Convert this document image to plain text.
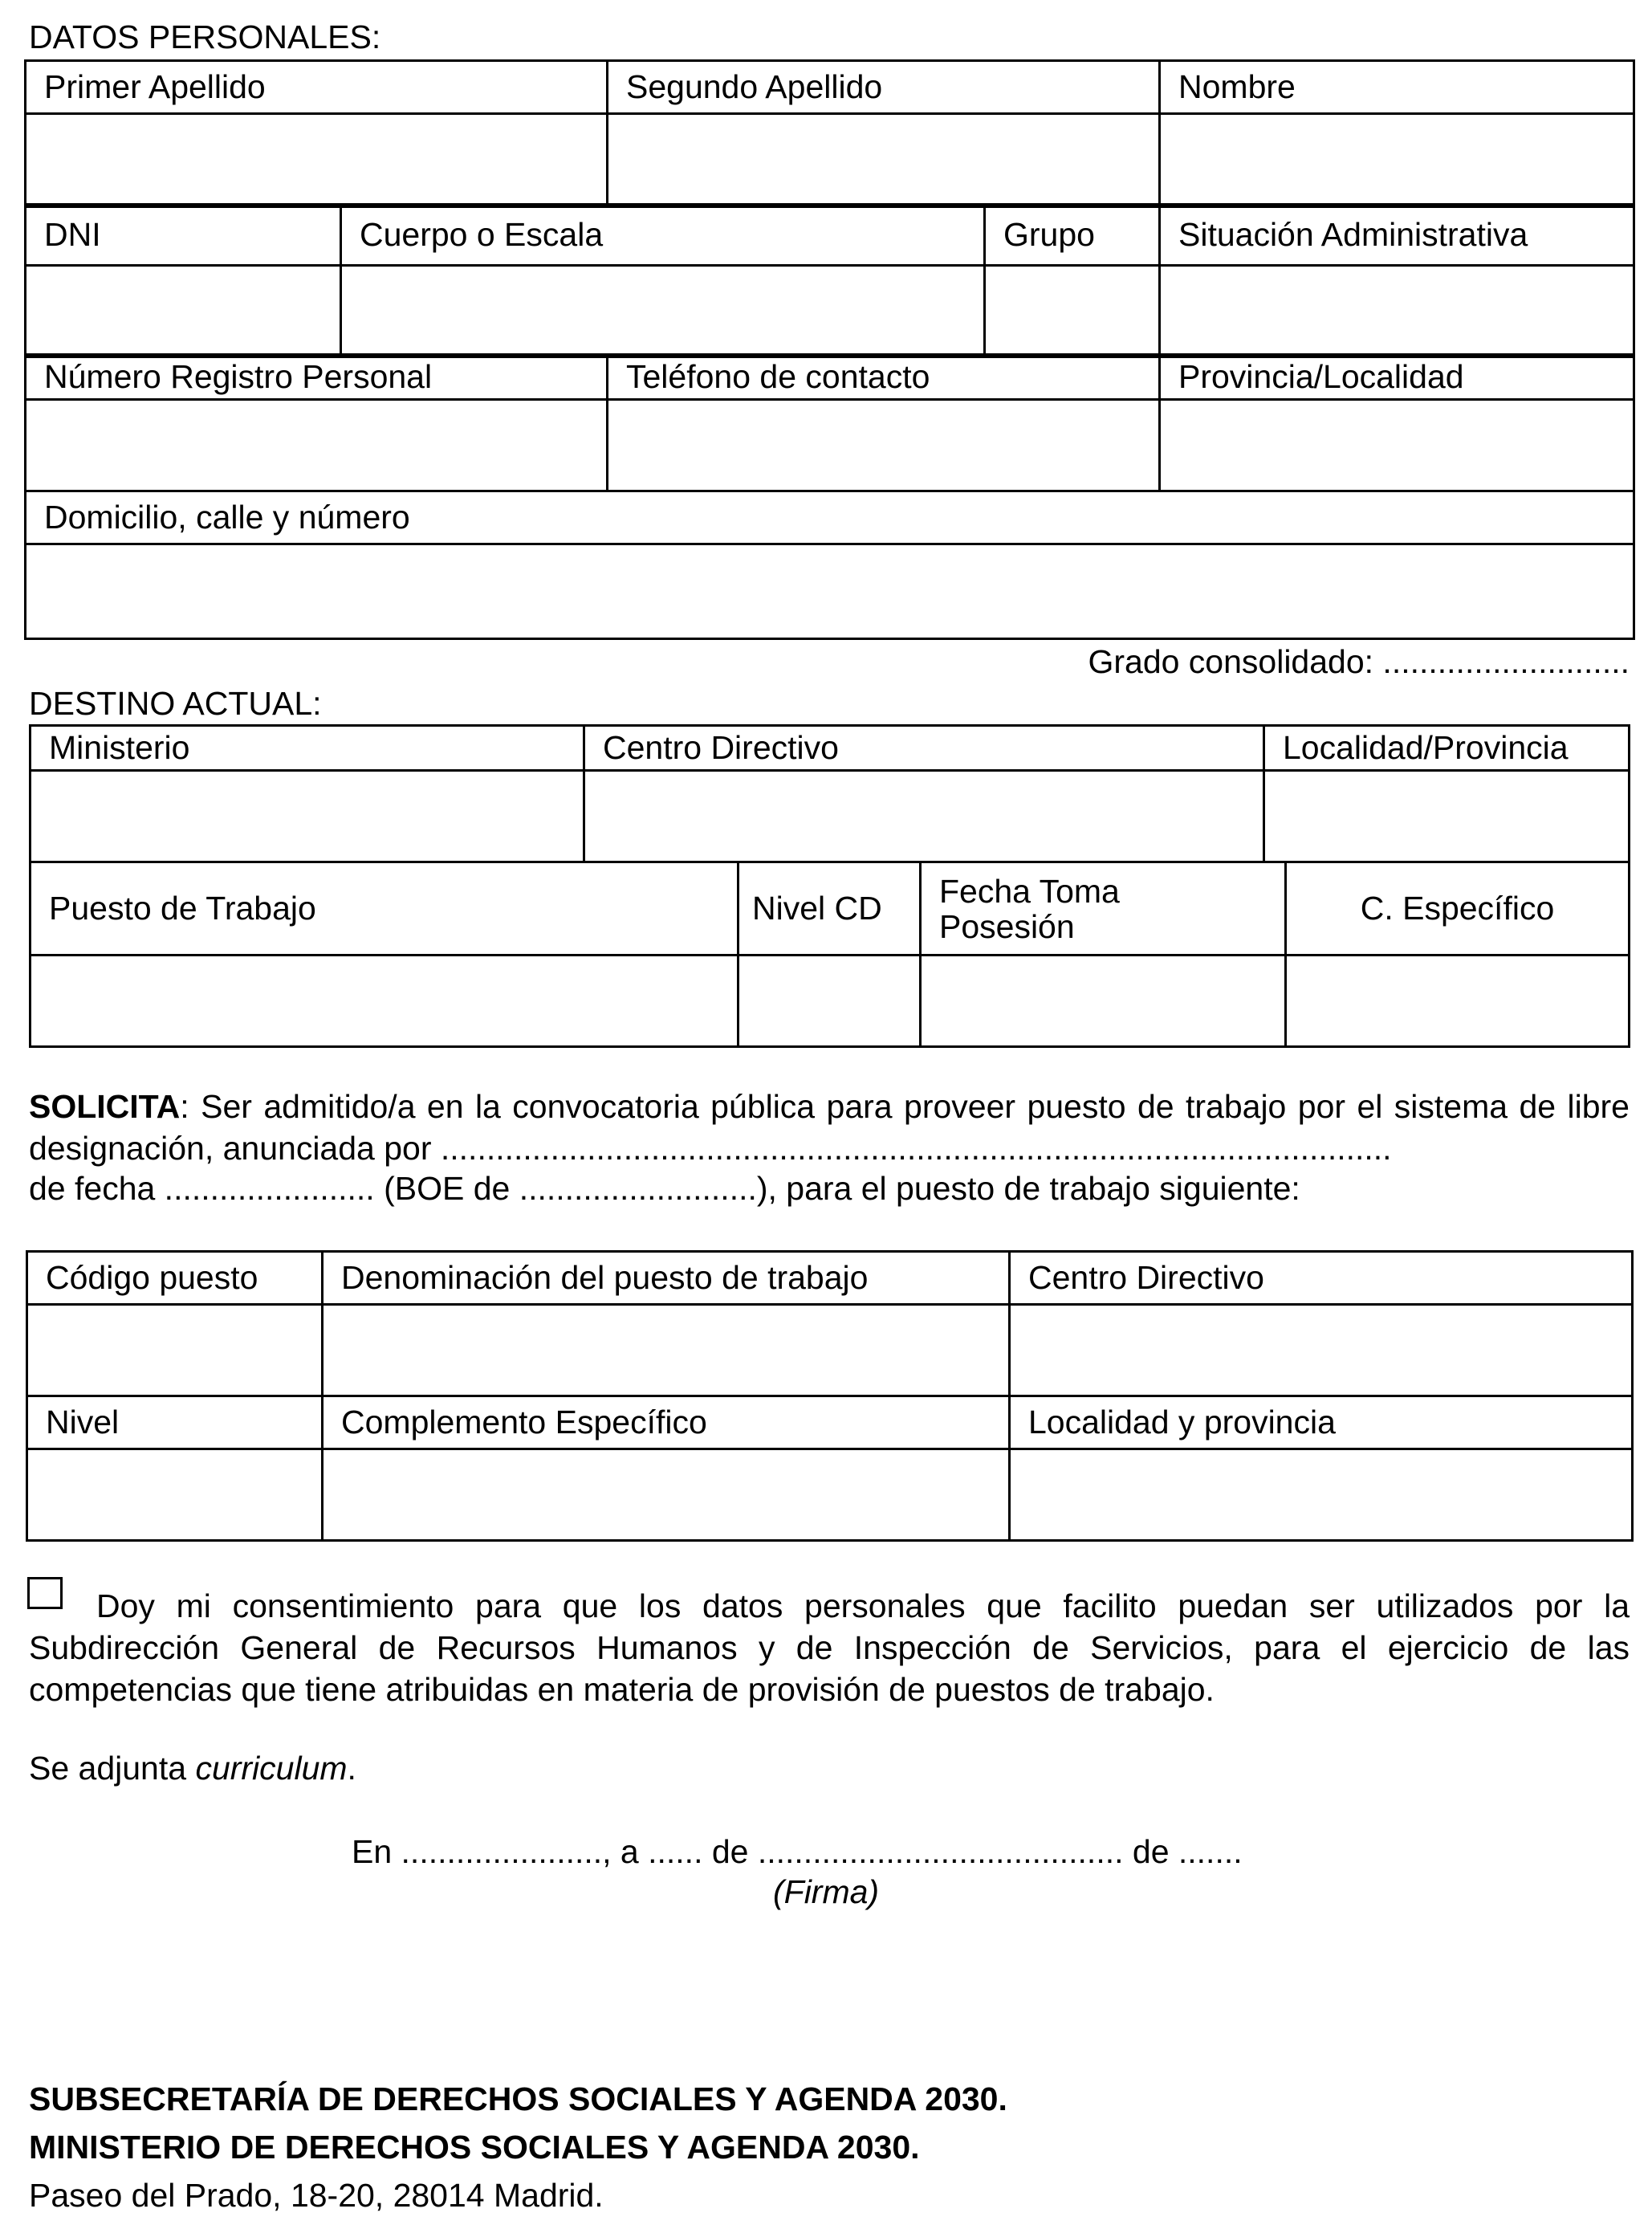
DATOS PERSONALES:
Primer Apellido	Segundo Apellido	Nombre

DNI	Cuerpo o Escala	Grupo	Situación Administrativa

Número Registro Personal	Teléfono de contacto	Provincia/Localidad

Domicilio, calle y número

Grado consolidado: ...........................
DESTINO ACTUAL:
Ministerio	Centro Directivo	Localidad/Provincia

Puesto de Trabajo	Nivel CD	Fecha Toma Posesión	C. Específico

SOLICITA: Ser admitido/a en la convocatoria pública para proveer puesto de trabajo por el sistema de libre designación, anunciada por ........................................................................................................
de fecha ....................... (BOE de ..........................), para el puesto de trabajo siguiente:
Código puesto	Denominación del puesto de trabajo	Centro Directivo

Nivel	Complemento Específico	Localidad y provincia

Doy mi consentimiento para que los datos personales que facilito puedan ser utilizados por la Subdirección General de Recursos Humanos y de Inspección de Servicios, para el ejercicio de las competencias que tiene atribuidas en materia de provisión de puestos de trabajo.
Se adjunta curriculum.
En ......................, a ...... de ........................................ de .......
(Firma)
SUBSECRETARÍA DE DERECHOS SOCIALES Y AGENDA 2030.
MINISTERIO DE DERECHOS SOCIALES Y AGENDA 2030.
Paseo del Prado, 18-20, 28014 Madrid.
